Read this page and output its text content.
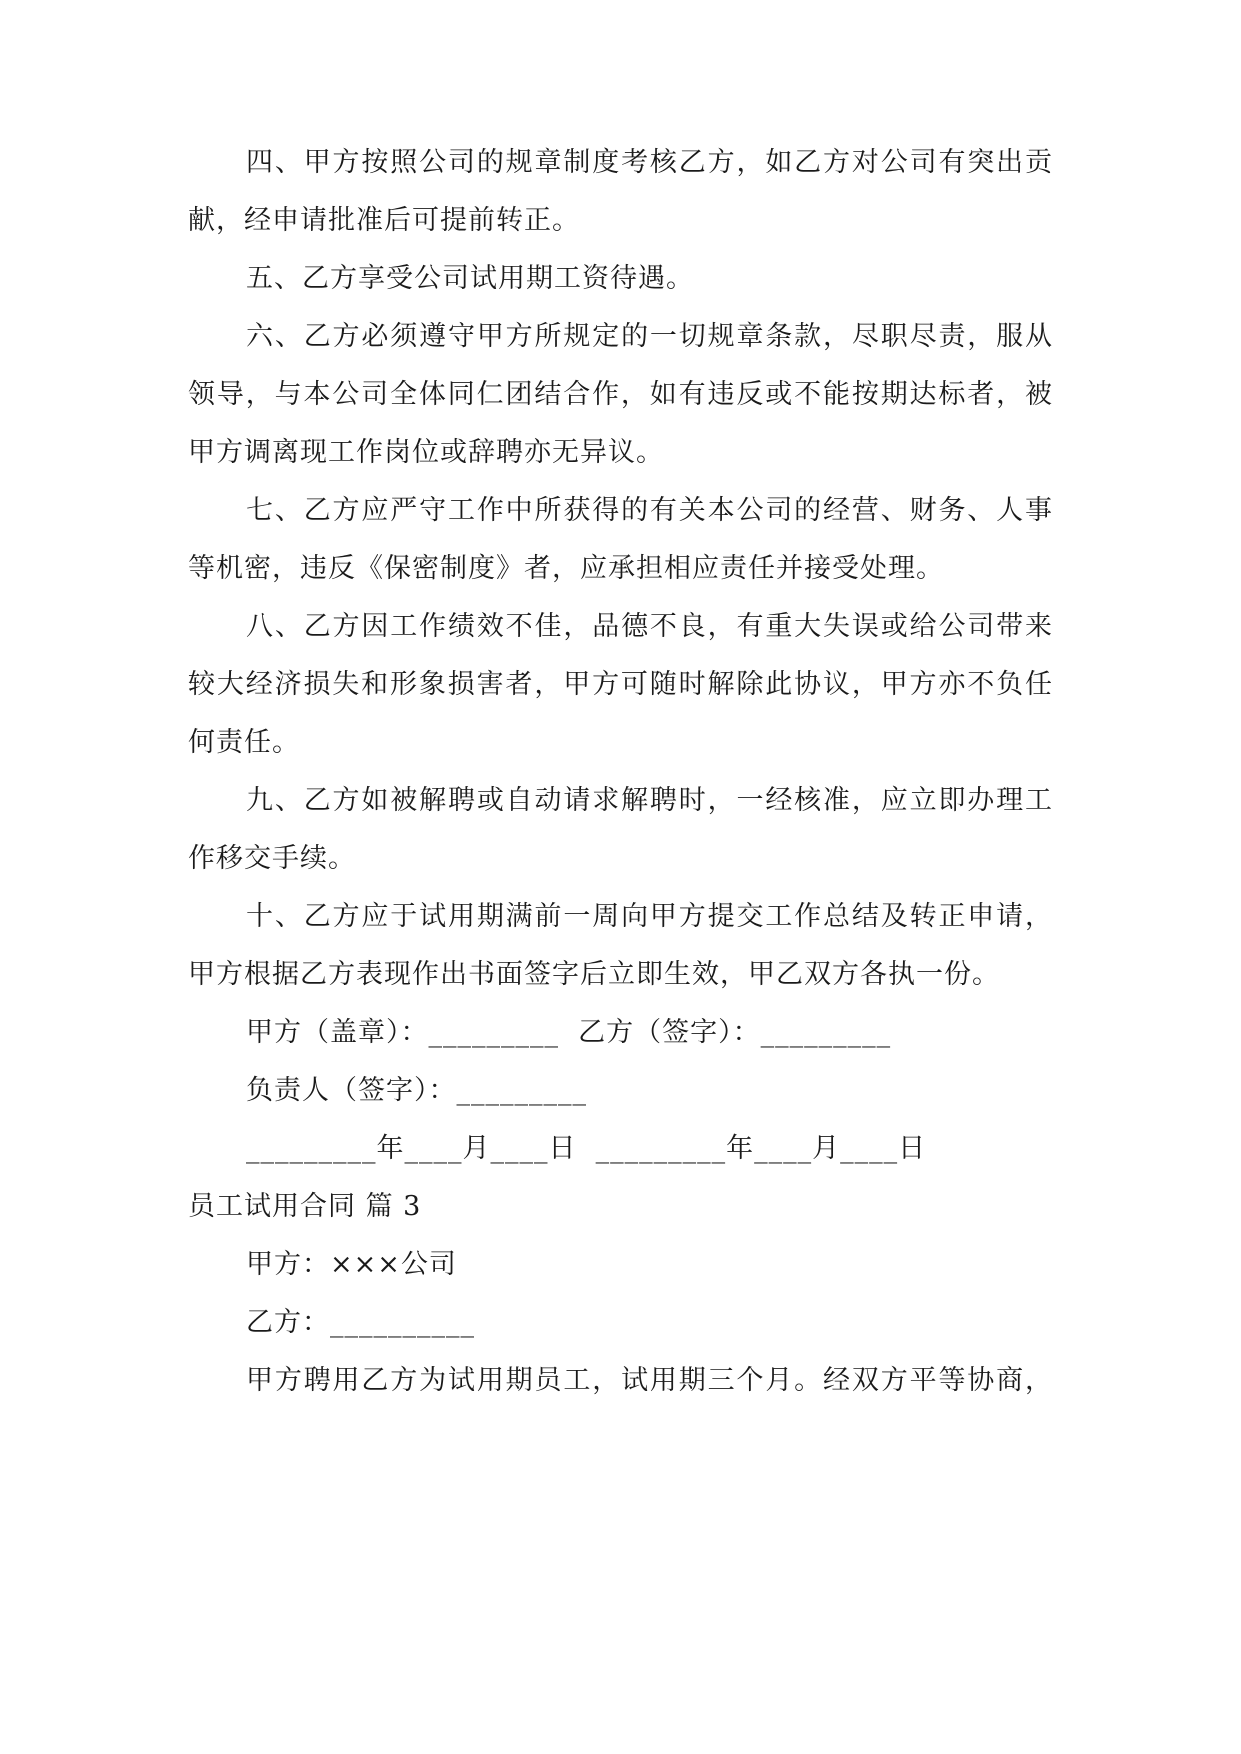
四、甲方按照公司的规章制度考核乙方，如乙方对公司有突出贡
献，经申请批准后可提前转正。
五、乙方享受公司试用期工资待遇。
六、乙方必须遵守甲方所规定的一切规章条款，尽职尽责，服从
领导，与本公司全体同仁团结合作，如有违反或不能按期达标者，被
甲方调离现工作岗位或辞聘亦无异议。
七、乙方应严守工作中所获得的有关本公司的经营、财务、人事
等机密，违反《保密制度》者，应承担相应责任并接受处理。
八、乙方因工作绩效不佳，品德不良，有重大失误或给公司带来
较大经济损失和形象损害者，甲方可随时解除此协议，甲方亦不负任
何责任。
九、乙方如被解聘或自动请求解聘时，一经核准，应立即办理工
作移交手续。
十、乙方应于试用期满前一周向甲方提交工作总结及转正申请，
甲方根据乙方表现作出书面签字后立即生效，甲乙双方各执一份。
甲方（盖章）：_________  乙方（签字）：_________
负责人（签字）：_________
_________年____月____日  _________年____月____日
员工试用合同 篇 3
甲方：×××公司
乙方：__________
甲方聘用乙方为试用期员工，试用期三个月。经双方平等协商，
